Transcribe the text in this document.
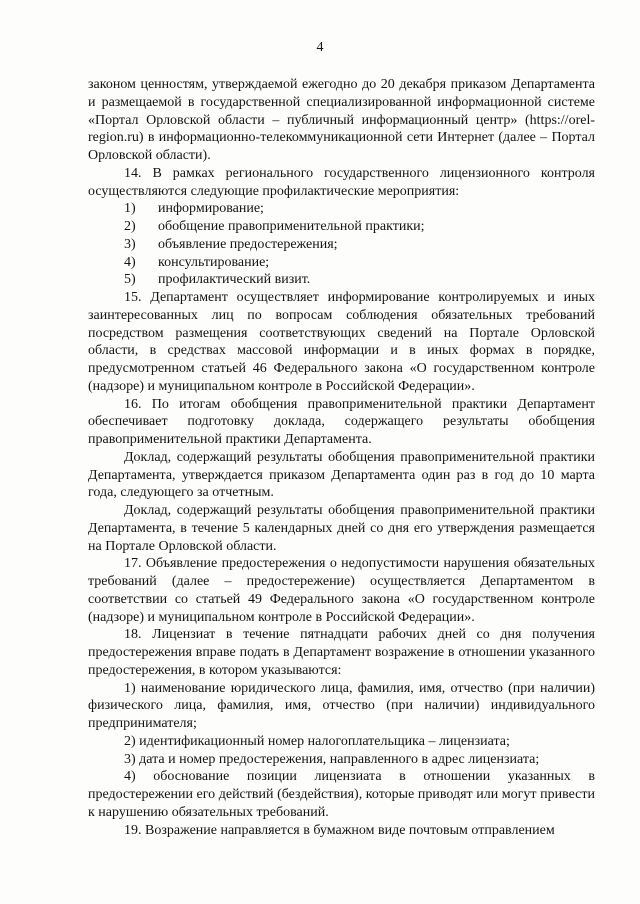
4

законом ценностям, утверждаемой ежегодно до 20 декабря приказом Департамента и размещаемой в государственной специализированной информационной системе «Портал Орловской области – публичный информационный центр» (https://orel-region.ru) в информационно-телекоммуникационной сети Интернет (далее – Портал Орловской области).

14. В рамках регионального государственного лицензионного контроля осуществляются следующие профилактические мероприятия:

1)	информирование;
2)	обобщение правоприменительной практики;
3)	объявление предостережения;
4)	консультирование;
5)	профилактический визит.

15. Департамент осуществляет информирование контролируемых и иных заинтересованных лиц по вопросам соблюдения обязательных требований посредством размещения соответствующих сведений на Портале Орловской области, в средствах массовой информации и в иных формах в порядке, предусмотренном статьей 46 Федерального закона «О государственном контроле (надзоре) и муниципальном контроле в Российской Федерации».

16. По итогам обобщения правоприменительной практики Департамент обеспечивает подготовку доклада, содержащего результаты обобщения правоприменительной практики Департамента.

Доклад, содержащий результаты обобщения правоприменительной практики Департамента, утверждается приказом Департамента один раз в год до 10 марта года, следующего за отчетным.

Доклад, содержащий результаты обобщения правоприменительной практики Департамента, в течение 5 календарных дней со дня его утверждения размещается на Портале Орловской области.

17. Объявление предостережения о недопустимости нарушения обязательных требований (далее – предостережение) осуществляется Департаментом в соответствии со статьей 49 Федерального закона «О государственном контроле (надзоре) и муниципальном контроле в Российской Федерации».

18. Лицензиат в течение пятнадцати рабочих дней со дня получения предостережения вправе подать в Департамент возражение в отношении указанного предостережения, в котором указываются:

1) наименование юридического лица, фамилия, имя, отчество (при наличии) физического лица, фамилия, имя, отчество (при наличии) индивидуального предпринимателя;

2) идентификационный номер налогоплательщика – лицензиата;

3) дата и номер предостережения, направленного в адрес лицензиата;

4) обоснование позиции лицензиата в отношении указанных в предостережении его действий (бездействия), которые приводят или могут привести к нарушению обязательных требований.

19. Возражение направляется в бумажном виде почтовым отправлением
